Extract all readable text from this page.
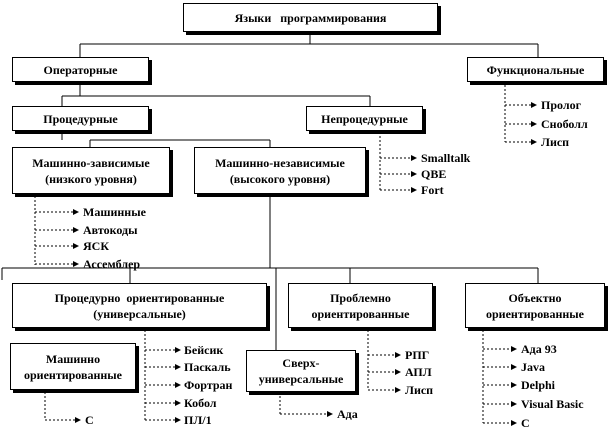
Языки   программирования
Операторные	Функциональные
Процедурные	Непроцедурные
Машинно-зависимые
(низкого уровня)
Машинно-независимые
(высокого уровня)
Процедурно  ориентированные
(универсальные)
Проблемно
ориентированные
Объектно
ориентированные
Машинно
ориентированные
Сверх-
универсальные
Пролог
Сноболл
Лисп
Smalltalk
QBE
Fort
Машинные
Автокоды
ЯСК
Ассемблер
Бейсик
Паскаль
Фортран
Кобол
ПЛ/1
С	Ада
РПГ
АПЛ
Лисп
Ада 93
Java
Delphi
Visual Basic
С
